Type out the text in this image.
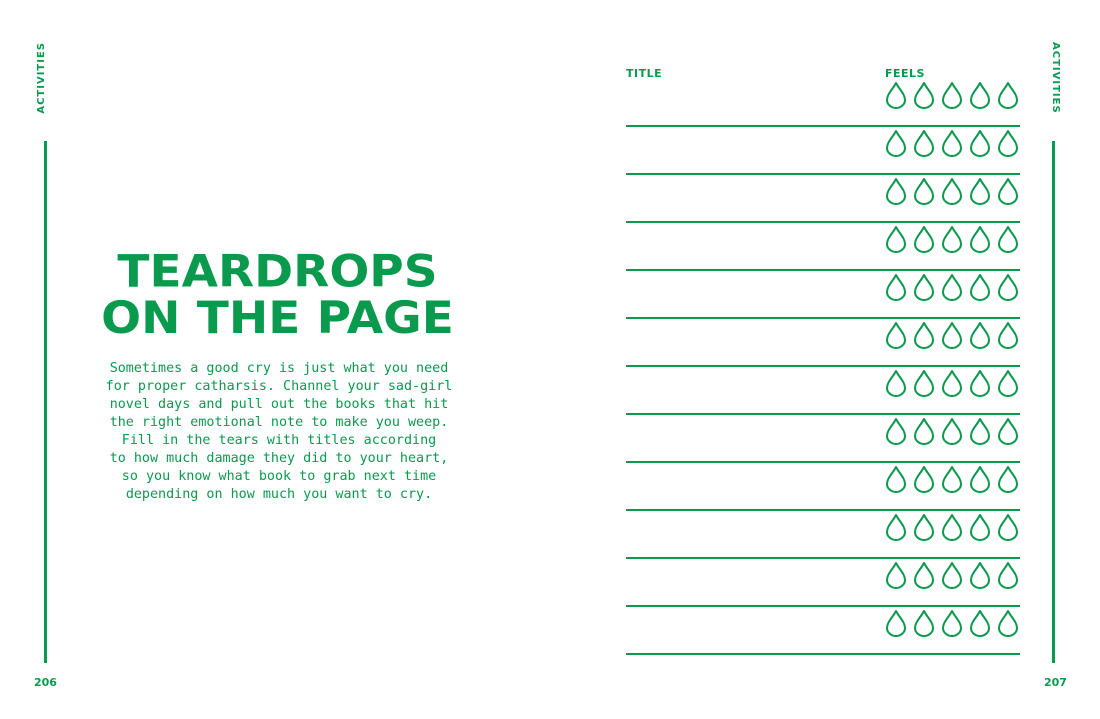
ACTIVITIES
206
TEARDROPS
ON THE PAGE

Sometimes a good cry is just what you need
for proper catharsis. Channel your sad-girl
novel days and pull out the books that hit
the right emotional note to make you weep.
Fill in the tears with titles according
to how much damage they did to your heart,
so you know what book to grab next time
depending on how much you want to cry.

TITLE	FEELS	ACTIVITIES
207
